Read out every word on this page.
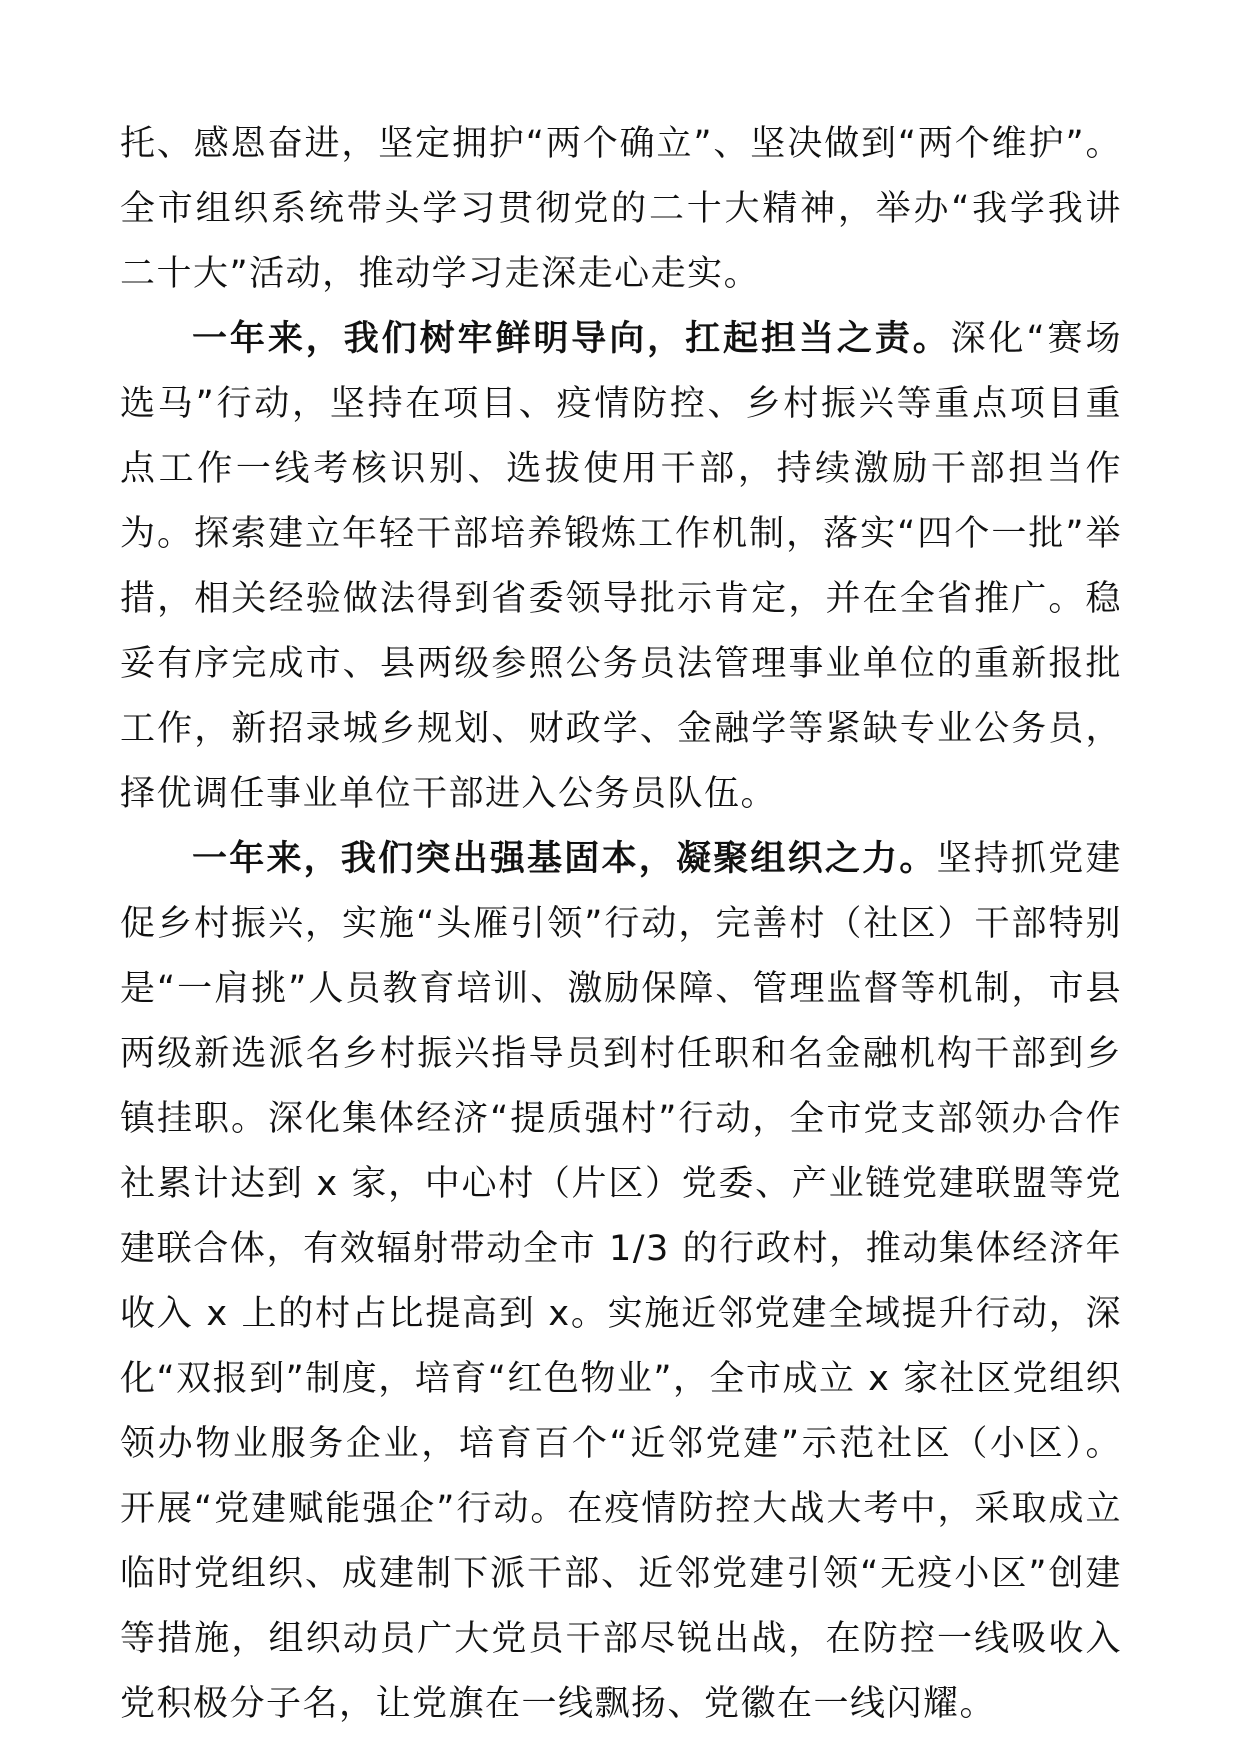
托、感恩奋进，坚定拥护“两个确立”、坚决做到“两个维护”。全市组织系统带头学习贯彻党的二十大精神，举办“我学我讲二十大”活动，推动学习走深走心走实。

一年来，我们树牢鲜明导向，扛起担当之责。深化“赛场选马”行动，坚持在项目、疫情防控、乡村振兴等重点项目重点工作一线考核识别、选拔使用干部，持续激励干部担当作为。探索建立年轻干部培养锻炼工作机制，落实“四个一批”举措，相关经验做法得到省委领导批示肯定，并在全省推广。稳妥有序完成市、县两级参照公务员法管理事业单位的重新报批工作，新招录城乡规划、财政学、金融学等紧缺专业公务员，择优调任事业单位干部进入公务员队伍。

一年来，我们突出强基固本，凝聚组织之力。坚持抓党建促乡村振兴，实施“头雁引领”行动，完善村（社区）干部特别是“一肩挑”人员教育培训、激励保障、管理监督等机制，市县两级新选派名乡村振兴指导员到村任职和名金融机构干部到乡镇挂职。深化集体经济“提质强村”行动，全市党支部领办合作社累计达到 x 家，中心村（片区）党委、产业链党建联盟等党建联合体，有效辐射带动全市 1/3 的行政村，推动集体经济年收入 x 上的村占比提高到 x。实施近邻党建全域提升行动，深化“双报到”制度，培育“红色物业”，全市成立 x 家社区党组织领办物业服务企业，培育百个“近邻党建”示范社区（小区）。开展“党建赋能强企”行动。在疫情防控大战大考中，采取成立临时党组织、成建制下派干部、近邻党建引领“无疫小区”创建等措施，组织动员广大党员干部尽锐出战，在防控一线吸收入党积极分子名，让党旗在一线飘扬、党徽在一线闪耀。
